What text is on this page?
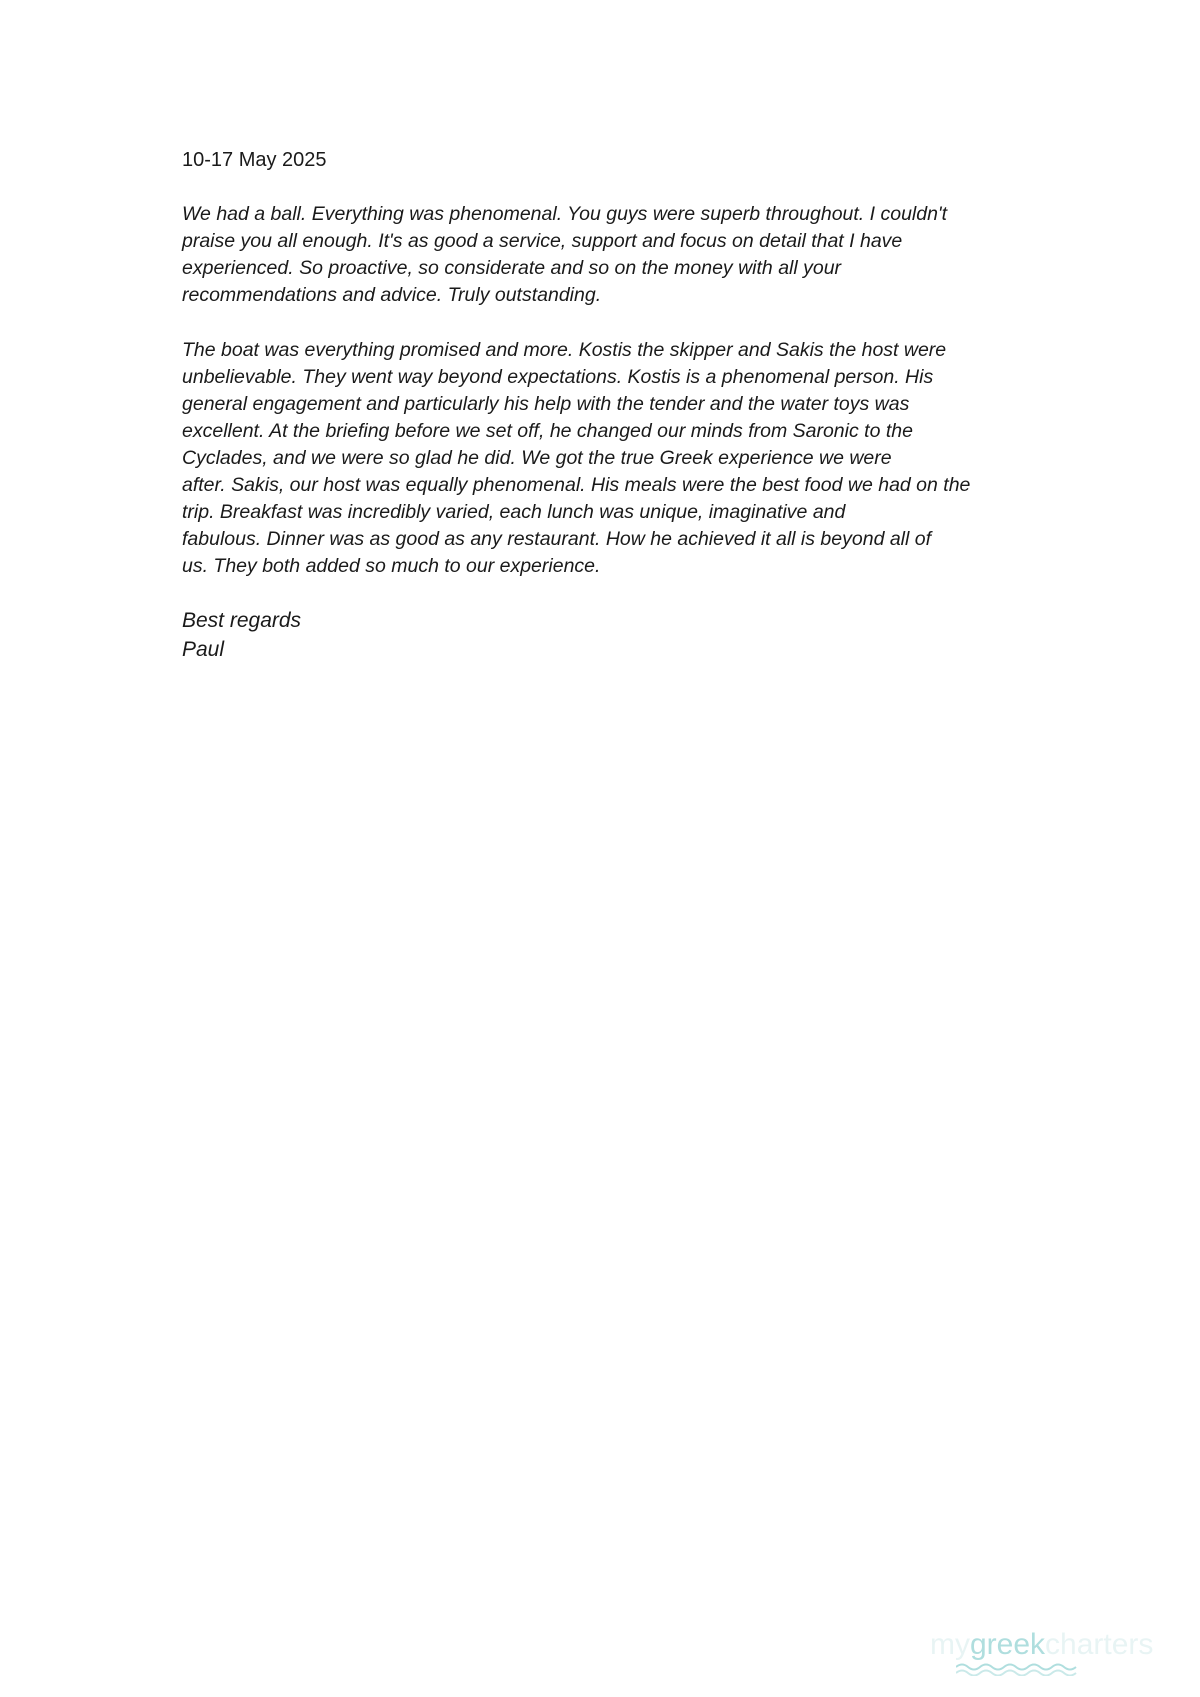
10-17 May 2025
We had a ball. Everything was phenomenal. You guys were superb throughout. I couldn't
praise you all enough. It's as good a service, support and focus on detail that I have
experienced. So proactive, so considerate and so on the money with all your
recommendations and advice. Truly outstanding.
The boat was everything promised and more. Kostis the skipper and Sakis the host were
unbelievable. They went way beyond expectations. Kostis is a phenomenal person. His
general engagement and particularly his help with the tender and the water toys was
excellent. At the briefing before we set off, he changed our minds from Saronic to the
Cyclades, and we were so glad he did. We got the true Greek experience we were
after. Sakis, our host was equally phenomenal. His meals were the best food we had on the
trip. Breakfast was incredibly varied, each lunch was unique, imaginative and
fabulous. Dinner was as good as any restaurant. How he achieved it all is beyond all of
us. They both added so much to our experience.
Best regards
Paul
mygreekcharters
